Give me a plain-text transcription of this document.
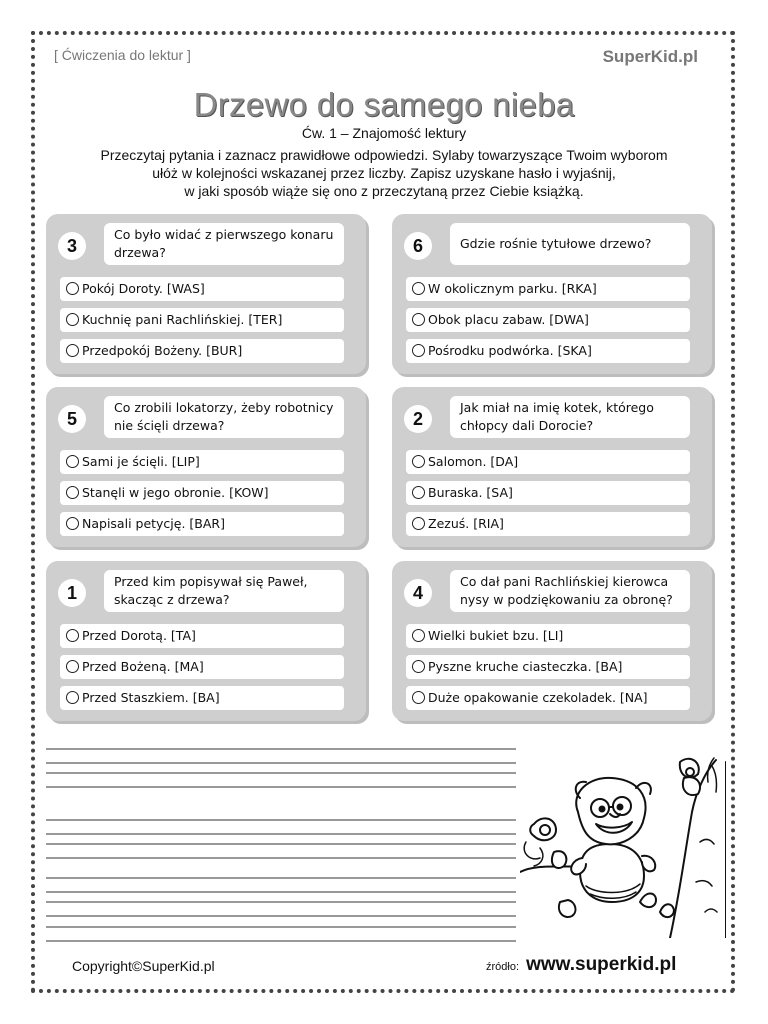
[ Ćwiczenia do lektur ]	SuperKid.pl
Drzewo do samego nieba
Ćw. 1 – Znajomość lektury
Przeczytaj pytania i zaznacz prawidłowe odpowiedzi. Sylaby towarzyszące Twoim wyborom
ułóż w kolejności wskazanej przez liczby. Zapisz uzyskane hasło i wyjaśnij,
w jaki sposób wiąże się ono z przeczytaną przez Ciebie książką.
3
Co było widać z pierwszego konaru drzewa?
Pokój Doroty. [WAS]
Kuchnię pani Rachlińskiej. [TER]
Przedpokój Bożeny. [BUR]
6	Gdzie rośnie tytułowe drzewo?
W okolicznym parku. [RKA]
Obok placu zabaw. [DWA]
Pośrodku podwórka. [SKA]
5
Co zrobili lokatorzy, żeby robotnicy nie ścięli drzewa?
Sami je ścięli. [LIP]
Stanęli w jego obronie. [KOW]
Napisali petycję. [BAR]
2
Jak miał na imię kotek, którego chłopcy dali Dorocie?
Salomon. [DA]
Buraska. [SA]
Zezuś. [RIA]
1
Przed kim popisywał się Paweł, skacząc z drzewa?
Przed Dorotą. [TA]
Przed Bożeną. [MA]
Przed Staszkiem. [BA]
4
Co dał pani Rachlińskiej kierowca nysy w podziękowaniu za obronę?
Wielki bukiet bzu. [LI]
Pyszne kruche ciasteczka. [BA]
Duże opakowanie czekoladek. [NA]
Copyright©SuperKid.pl	źródło: www.superkid.pl
